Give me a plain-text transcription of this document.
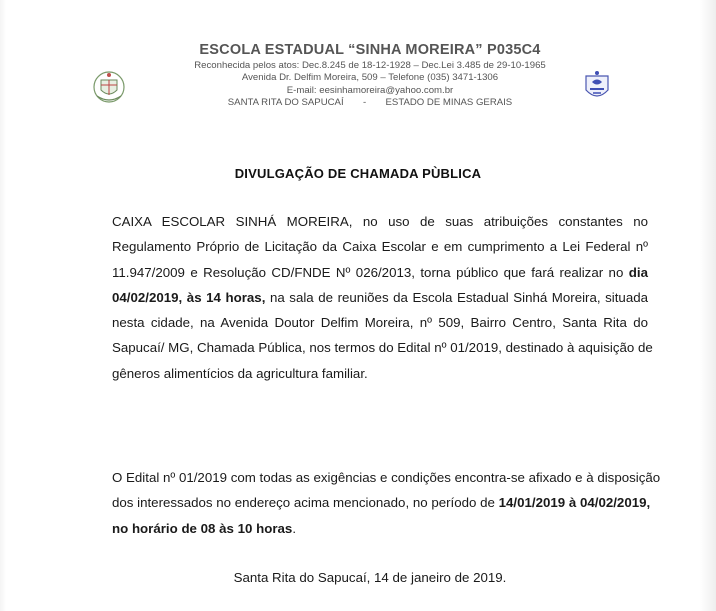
ESCOLA ESTADUAL “SINHA MOREIRA” P035C4
Reconhecida pelos atos: Dec.8.245 de 18-12-1928 – Dec.Lei 3.485 de 29-10-1965
Avenida Dr. Delfim Moreira, 509 – Telefone (035) 3471-1306
E-mail: eesinhamoreira@yahoo.com.br
SANTA RITA DO SAPUCAÍ - ESTADO DE MINAS GERAIS
DIVULGAÇÃO DE CHAMADA PÙBLICA
CAIXA ESCOLAR SINHÁ MOREIRA, no uso de suas atribuições constantes no
Regulamento Próprio de Licitação da Caixa Escolar e em cumprimento a Lei Federal nº
11.947/2009 e Resolução CD/FNDE Nº 026/2013, torna público que fará realizar no dia
04/02/2019, às 14 horas, na sala de reuniões da Escola Estadual Sinhá Moreira, situada
nesta cidade, na Avenida Doutor Delfim Moreira, nº 509, Bairro Centro, Santa Rita do
Sapucaí/ MG, Chamada Pública, nos termos do Edital nº 01/2019, destinado à aquisição de
gêneros alimentícios da agricultura familiar.
O Edital nº 01/2019 com todas as exigências e condições encontra-se afixado e à disposição
dos interessados no endereço acima mencionado, no período de 14/01/2019 à 04/02/2019,
no horário de 08 às 10 horas.
Santa Rita do Sapucaí, 14 de janeiro de 2019.
